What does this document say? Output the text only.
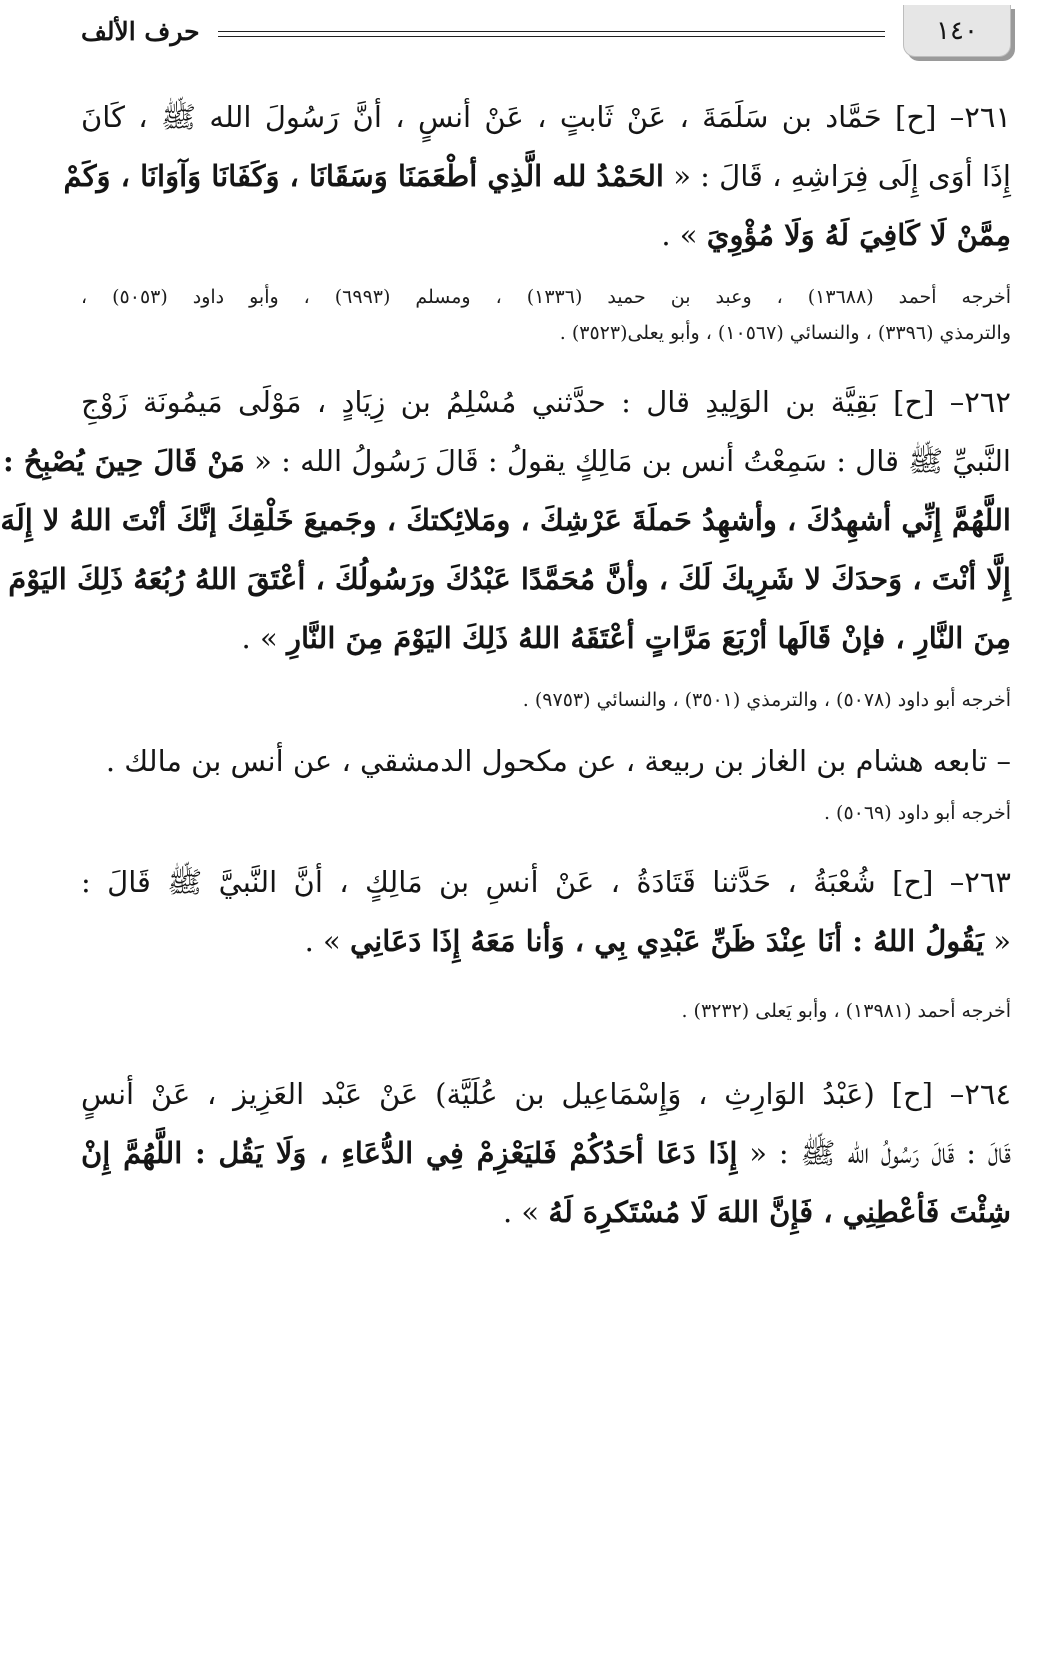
١٤٠
حرف الألف

٢٦١– [ح] حَمَّاد بن سَلَمَةَ ، عَنْ ثَابتٍ ، عَنْ أنسٍ ، أنَّ رَسُولَ الله ﷺ ، كَانَ

إِذَا أوَى إِلَى فِرَاشِهِ ، قَالَ : « الحَمْدُ لله الَّذِي أطْعَمَنَا وَسَقَانَا ، وَكَفَانَا وَآوَانَا ، وَكَمْ

مِمَّنْ لَا كَافِيَ لَهُ وَلَا مُؤْوِيَ » .

أخرجه أحمد (١٣٦٨٨) ، وعبد بن حميد (١٣٣٦) ، ومسلم (٦٩٩٣) ، وأبو داود (٥٠٥٣) ،

والترمذي (٣٣٩٦) ، والنسائي (١٠٥٦٧) ، وأبو يعلى(٣٥٢٣) .

٢٦٢– [ح] بَقِيَّة بن الوَلِيدِ قال : حدَّثني مُسْلِمُ بن زِيَادٍ ، مَوْلَى مَيمُونَة زَوْجِ

النَّبيِّ ﷺ قال : سَمِعْتُ أنس بن مَالِكٍ يقولُ : قَالَ رَسُولُ الله : « مَنْ قَالَ حِينَ يُصْبِحُ :

اللَّهُمَّ إِنِّي أشهِدُكَ ، وأشهِدُ حَملَةَ عَرْشِكَ ، ومَلائِكتكَ ، وجَميعَ خَلْقِكَ إنَّكَ أنْتَ اللهُ لا إِلَهَ

إِلَّا أنْتَ ، وَحدَكَ لا شَرِيكَ لَكَ ، وأنَّ مُحَمَّدًا عَبْدُكَ ورَسُولُكَ ، أعْتَقَ اللهُ رُبُعَهُ ذَلِكَ اليَوْمَ

مِنَ النَّارِ ، فإنْ قَالَها أرْبَعَ مَرَّاتٍ أعْتَقَهُ اللهُ ذَلِكَ اليَوْمَ مِنَ النَّارِ » .

أخرجه أبو داود (٥٠٧٨) ، والترمذي (٣٥٠١) ، والنسائي (٩٧٥٣) .

– تابعه هشام بن الغاز بن ربيعة ، عن مكحول الدمشقي ، عن أنس بن مالك .

أخرجه أبو داود (٥٠٦٩) .

٢٦٣– [ح] شُعْبَةُ ، حَدَّثنا قَتَادَةُ ، عَنْ أنسِ بن مَالِكٍ ، أنَّ النَّبيَّ ﷺ قَالَ :

« يَقُولُ اللهُ : أنَا عِنْدَ ظَنِّ عَبْدِي بِي ، وَأنا مَعَهُ إِذَا دَعَانِي » .

أخرجه أحمد (١٣٩٨١) ، وأبو يَعلى (٣٢٣٢) .

٢٦٤– [ح] (عَبْدُ الوَارِثِ ، وَإِسْمَاعِيل بن عُلَيَّة) عَنْ عَبْد العَزِيز ، عَنْ أنسٍ

قَالَ : قَالَ رَسُولُ الله ﷺ : « إِذَا دَعَا أحَدُكُمْ فَليَعْزِمْ فِي الدُّعَاءِ ، وَلَا يَقُل : اللَّهُمَّ إِنْ

شِئْتَ فَأعْطِنِي ، فَإِنَّ اللهَ لَا مُسْتَكرِهَ لَهُ » .
